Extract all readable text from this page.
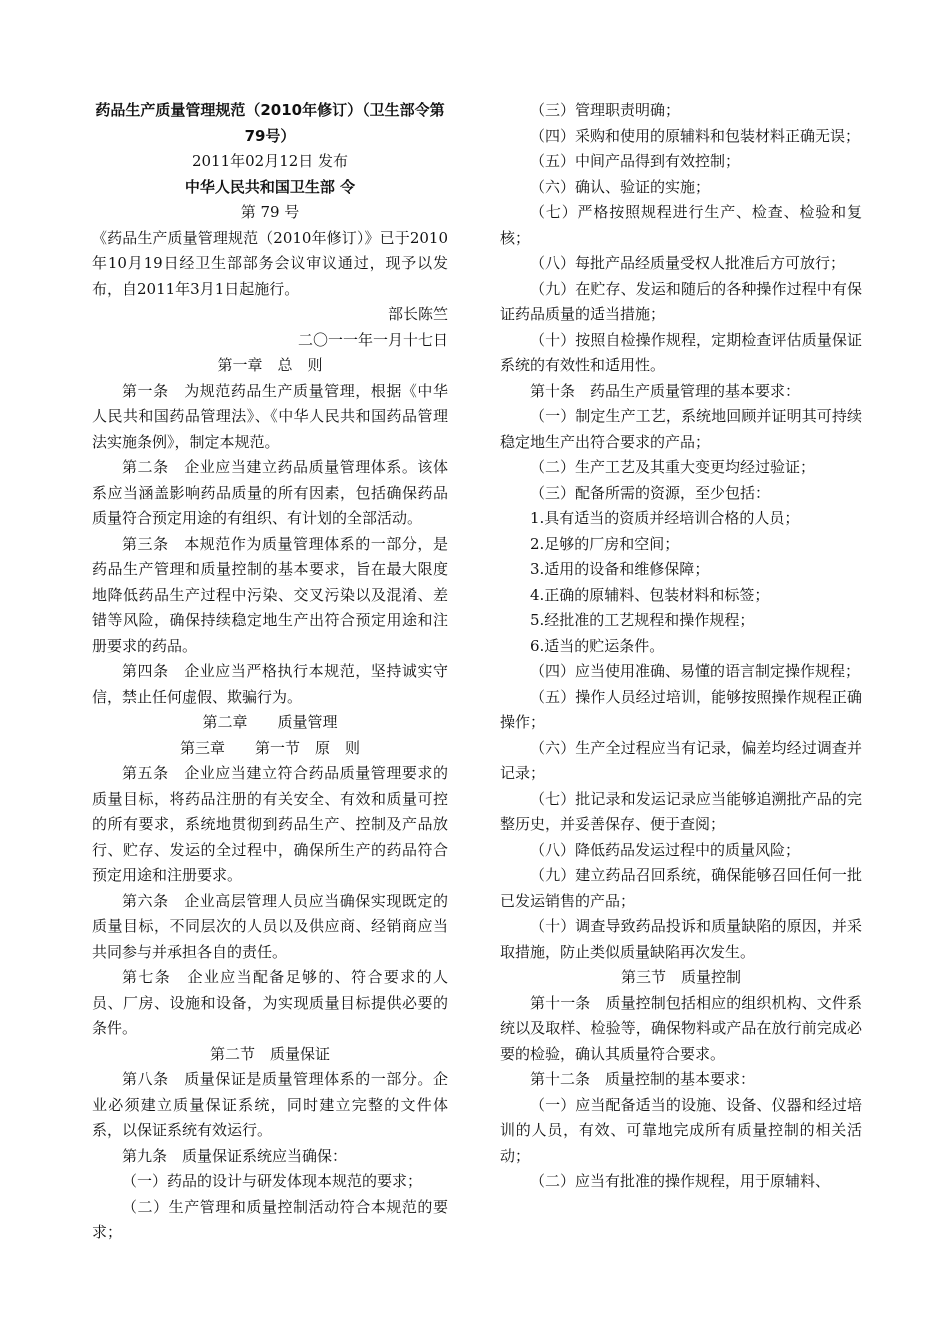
药品生产质量管理规范（2010年修订）（卫生部令第79号）

2011年02月12日 发布

中华人民共和国卫生部 令

第 79 号

《药品生产质量管理规范（2010年修订）》已于2010年10月19日经卫生部部务会议审议通过，现予以发布，自2011年3月1日起施行。

部长陈竺

二〇一一年一月十七日

第一章　总　则

第一条　为规范药品生产质量管理，根据《中华人民共和国药品管理法》、《中华人民共和国药品管理法实施条例》，制定本规范。

第二条　企业应当建立药品质量管理体系。该体系应当涵盖影响药品质量的所有因素，包括确保药品质量符合预定用途的有组织、有计划的全部活动。

第三条　本规范作为质量管理体系的一部分，是药品生产管理和质量控制的基本要求，旨在最大限度地降低药品生产过程中污染、交叉污染以及混淆、差错等风险，确保持续稳定地生产出符合预定用途和注册要求的药品。

第四条　企业应当严格执行本规范，坚持诚实守信，禁止任何虚假、欺骗行为。

第二章　　质量管理

第三章　　第一节　原　则

第五条　企业应当建立符合药品质量管理要求的质量目标，将药品注册的有关安全、有效和质量可控的所有要求，系统地贯彻到药品生产、控制及产品放行、贮存、发运的全过程中，确保所生产的药品符合预定用途和注册要求。

第六条　企业高层管理人员应当确保实现既定的质量目标，不同层次的人员以及供应商、经销商应当共同参与并承担各自的责任。

第七条　企业应当配备足够的、符合要求的人员、厂房、设施和设备，为实现质量目标提供必要的条件。

第二节　质量保证

第八条　质量保证是质量管理体系的一部分。企业必须建立质量保证系统，同时建立完整的文件体系，以保证系统有效运行。

第九条　质量保证系统应当确保：

（一）药品的设计与研发体现本规范的要求；

（二）生产管理和质量控制活动符合本规范的要求；

（三）管理职责明确；

（四）采购和使用的原辅料和包装材料正确无误；

（五）中间产品得到有效控制；

（六）确认、验证的实施；

（七）严格按照规程进行生产、检查、检验和复核；

（八）每批产品经质量受权人批准后方可放行；

（九）在贮存、发运和随后的各种操作过程中有保证药品质量的适当措施；

（十）按照自检操作规程，定期检查评估质量保证系统的有效性和适用性。

第十条　药品生产质量管理的基本要求：

（一）制定生产工艺，系统地回顾并证明其可持续稳定地生产出符合要求的产品；

（二）生产工艺及其重大变更均经过验证；

（三）配备所需的资源，至少包括：

1.具有适当的资质并经培训合格的人员；

2.足够的厂房和空间；

3.适用的设备和维修保障；

4.正确的原辅料、包装材料和标签；

5.经批准的工艺规程和操作规程；

6.适当的贮运条件。

（四）应当使用准确、易懂的语言制定操作规程；

（五）操作人员经过培训，能够按照操作规程正确操作；

（六）生产全过程应当有记录，偏差均经过调查并记录；

（七）批记录和发运记录应当能够追溯批产品的完整历史，并妥善保存、便于查阅；

（八）降低药品发运过程中的质量风险；

（九）建立药品召回系统，确保能够召回任何一批已发运销售的产品；

（十）调查导致药品投诉和质量缺陷的原因，并采取措施，防止类似质量缺陷再次发生。

第三节　质量控制

第十一条　质量控制包括相应的组织机构、文件系统以及取样、检验等，确保物料或产品在放行前完成必要的检验，确认其质量符合要求。

第十二条　质量控制的基本要求：

（一）应当配备适当的设施、设备、仪器和经过培训的人员，有效、可靠地完成所有质量控制的相关活动；

（二）应当有批准的操作规程，用于原辅料、
